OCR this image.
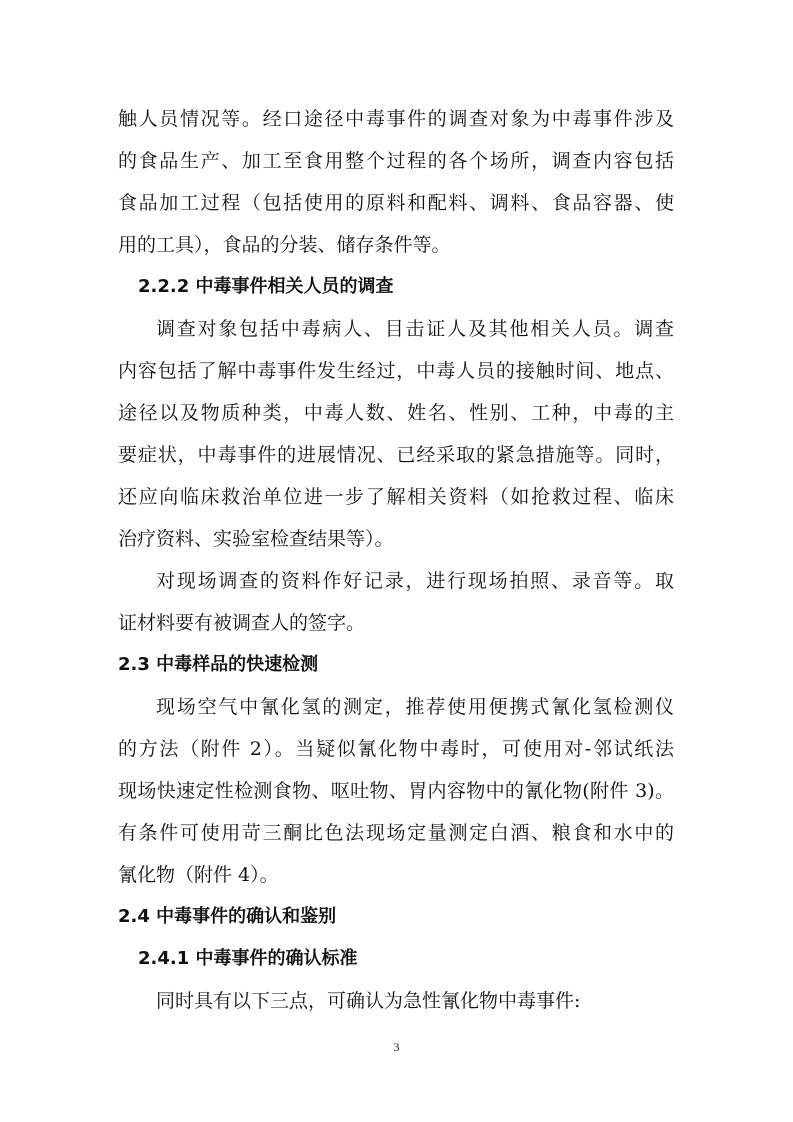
触人员情况等。经口途径中毒事件的调查对象为中毒事件涉及
的食品生产、加工至食用整个过程的各个场所，调查内容包括
食品加工过程（包括使用的原料和配料、调料、食品容器、使
用的工具），食品的分装、储存条件等。
2.2.2 中毒事件相关人员的调查
调查对象包括中毒病人、目击证人及其他相关人员。调查
内容包括了解中毒事件发生经过，中毒人员的接触时间、地点、
途径以及物质种类，中毒人数、姓名、性别、工种，中毒的主
要症状，中毒事件的进展情况、已经采取的紧急措施等。同时，
还应向临床救治单位进一步了解相关资料（如抢救过程、临床
治疗资料、实验室检查结果等）。
对现场调查的资料作好记录，进行现场拍照、录音等。取
证材料要有被调查人的签字。
2.3 中毒样品的快速检测
现场空气中氰化氢的测定，推荐使用便携式氰化氢检测仪
的方法（附件 2）。当疑似氰化物中毒时，可使用对-邻试纸法
现场快速定性检测食物、呕吐物、胃内容物中的氰化物(附件 3)。
有条件可使用苛三酮比色法现场定量测定白酒、粮食和水中的
氰化物（附件 4）。
2.4 中毒事件的确认和鉴别
2.4.1 中毒事件的确认标准
同时具有以下三点，可确认为急性氰化物中毒事件:
3
